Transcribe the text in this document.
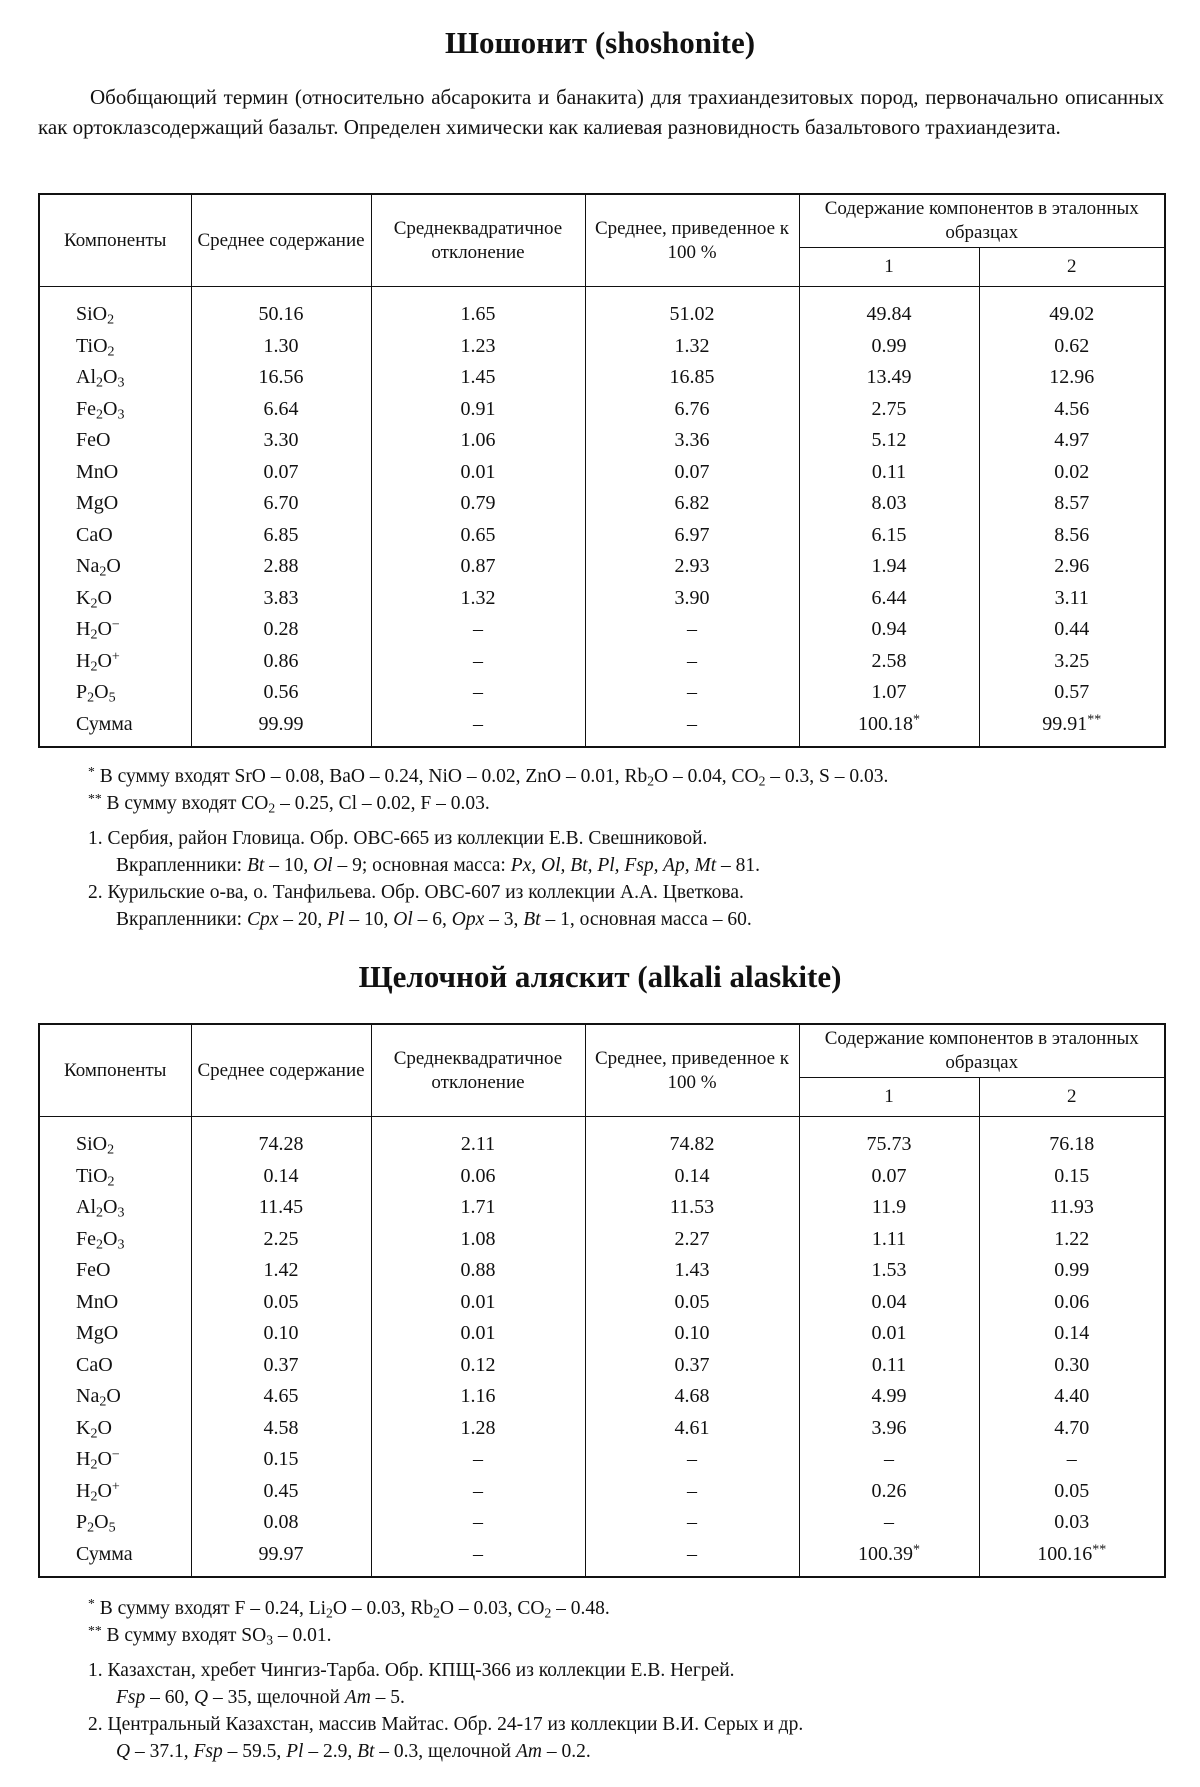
Шошонит (shoshonite)

Обобщающий термин (относительно абсарокита и банакита) для трахиандезитовых пород, первоначально описанных как ортоклазсодержащий базальт. Определен химически как калиевая разновидность базальтового трахиандезита.

Компоненты	Среднее содержание	Среднеквадратичное отклонение	Среднее, приведенное к 100 %	Содержание компонентов в эталонных образцах	
				1	2
SiO$_2$	50.16	1.65	51.02	49.84	49.02
TiO$_2$	1.30	1.23	1.32	0.99	0.62
$Al_2O_3$	16.56	1.45	16.85	13.49	12.96
$Fe_2O_3$	6.64	0.91	6.76	2.75	4.56
FeO	3.30	1.06	3.36	5.12	4.97
MnO	0.07	0.01	0.07	0.11	0.02
MgO	6.70	0.79	6.82	8.03	8.57
CaO	6.85	0.65	6.97	6.15	8.56
$Na_2O$	2.88	0.87	2.93	1.94	2.96
$K_2O$	3.83	1.32	3.90	6.44	3.11
$H_2O^-$	0.28	–	–	0.94	0.44
$H_2O^+$	0.86	–	–	2.58	3.25
$P_2O_5$	0.56	–	–	1.07	0.57
Сумма	99.99	–	–	100.18*	99.91**

* В сумму входят SrO – 0.08, BaO – 0.24, NiO – 0.02, ZnO – 0.01, $Rb_2O - 0.04$, $CO_2 - 0.3$, S – 0.03.

** В сумму входят $CO_2 - 0.25$, Cl – 0.02, F – 0.03.

1. Сербия, район Гловица. Обр. ОВС-665 из коллекции Е.В. Свешниковой.

Вкрапленники: Bt – 10, Ol – 9; основная масса: Px, Ol, Bt, Pl, Fsp, Ap, Mt – 81.

2. Курильские о-ва, о. Танфильева. Обр. ОВС-607 из коллекции А.А. Цветкова.

Вкрапленники: Cpx – 20, Pl – 10, Ol – 6, Opx – 3, Bt – 1, основная масса – 60.

Щелочной аляскит (alkali alaskite)
Компоненты	Среднее содержание	Среднеквадратичное отклонение	Среднее, приведенное к 100 %	Содержание компонентов в эталонных образцах	
				1	2
SiO$_2$	74.28	2.11	74.82	75.73	76.18
TiO$_2$	0.14	0.06	0.14	0.07	0.15
$Al_2O_3$	11.45	1.71	11.53	11.9	11.93
$Fe_2O_3$	2.25	1.08	2.27	1.11	1.22
FeO	1.42	0.88	1.43	1.53	0.99
MnO	0.05	0.01	0.05	0.04	0.06
MgO	0.10	0.01	0.10	0.01	0.14
CaO	0.37	0.12	0.37	0.11	0.30
$Na_2O$	4.65	1.16	4.68	4.99	4.40
$K_2O$	4.58	1.28	4.61	3.96	4.70
$H_2O^-$	0.15	–	–	–	–
$H_2O^+$	0.45	–	–	0.26	0.05
$P_2O_5$	0.08	–	–	–	0.03
Сумма	99.97	–	–	100.39*	100.16**

* В сумму входят F – 0.24, $Li_2O - 0.03$, $Rb_2O - 0.03$, $CO_2 - 0.48$.

** В сумму входят $SO_3 - 0.01$.

1. Казахстан, хребет Чингиз-Тарба. Обр. КПЩ-366 из коллекции Е.В. Негрей.

Fsp – 60, Q – 35, щелочной Am – 5.

2. Центральный Казахстан, массив Майтас. Обр. 24-17 из коллекции В.И. Серых и др.

Q – 37.1, Fsp – 59.5, Pl – 2.9, Bt – 0.3, щелочной Am – 0.2.
